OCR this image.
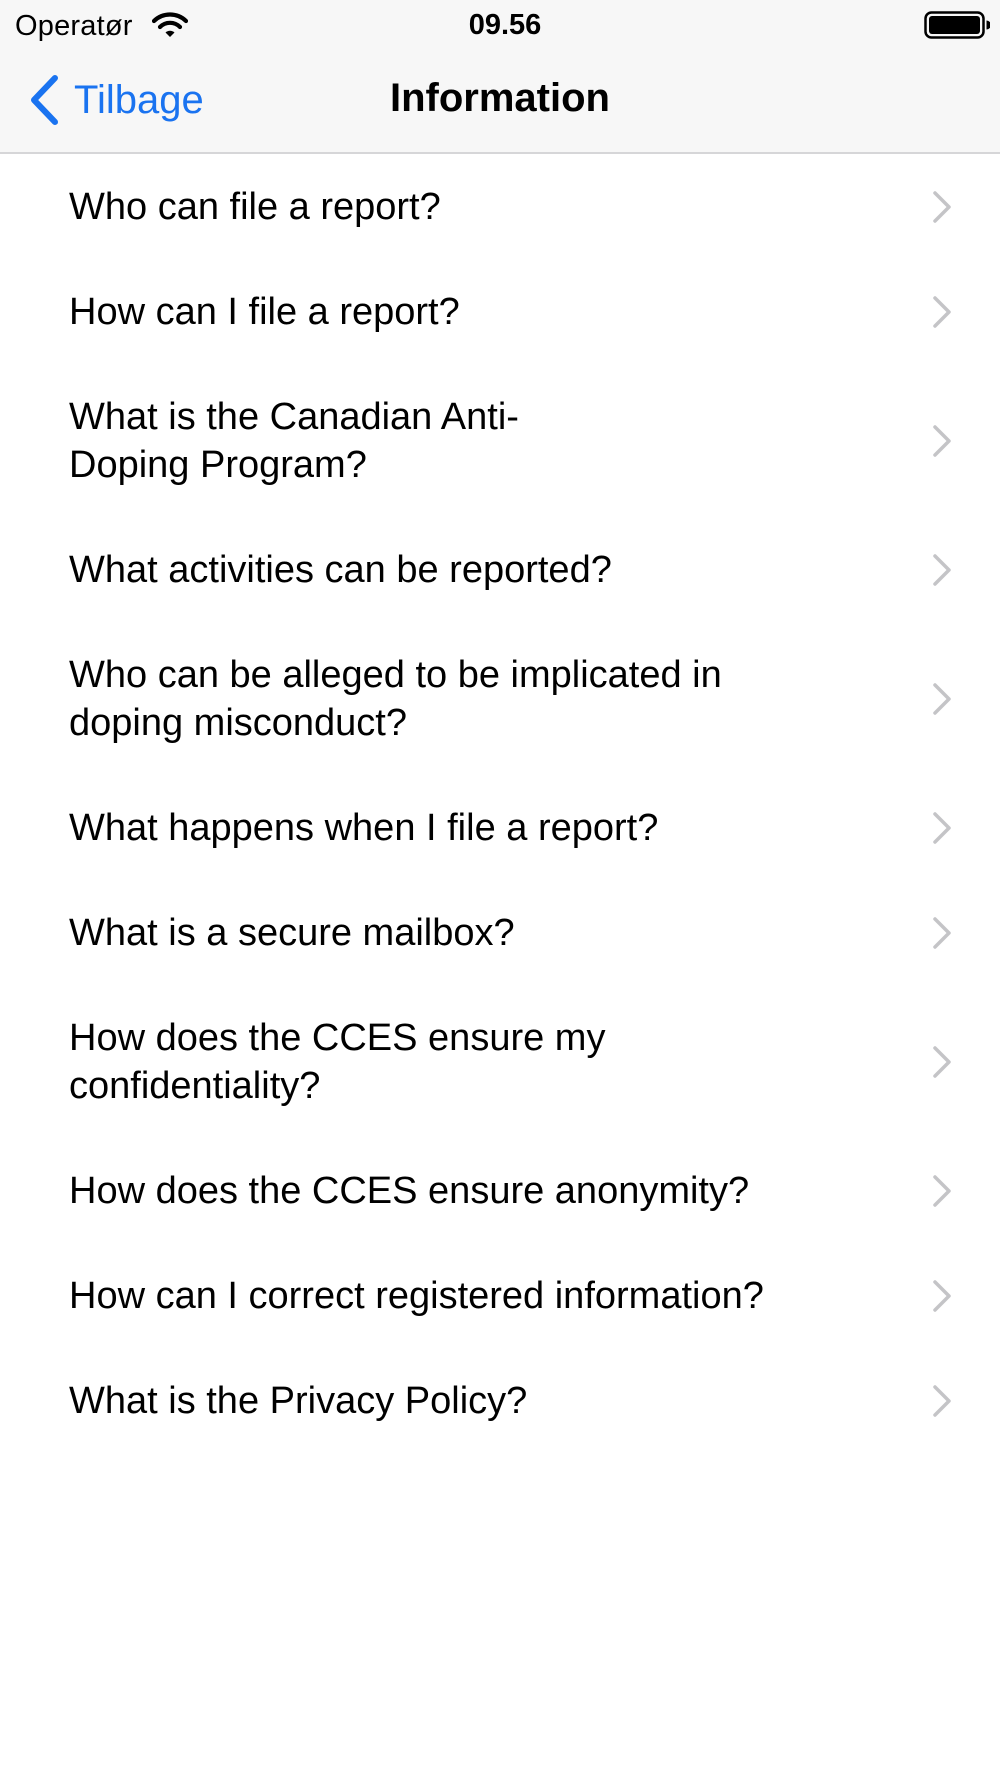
Operatør	09.56
Tilbage	Information
Who can file a report?
How can I file a report?
What is the Canadian Anti-
Doping Program?
What activities can be reported?
Who can be alleged to be implicated in
doping misconduct?
What happens when I file a report?
What is a secure mailbox?
How does the CCES ensure my
confidentiality?
How does the CCES ensure anonymity?
How can I correct registered information?
What is the Privacy Policy?
